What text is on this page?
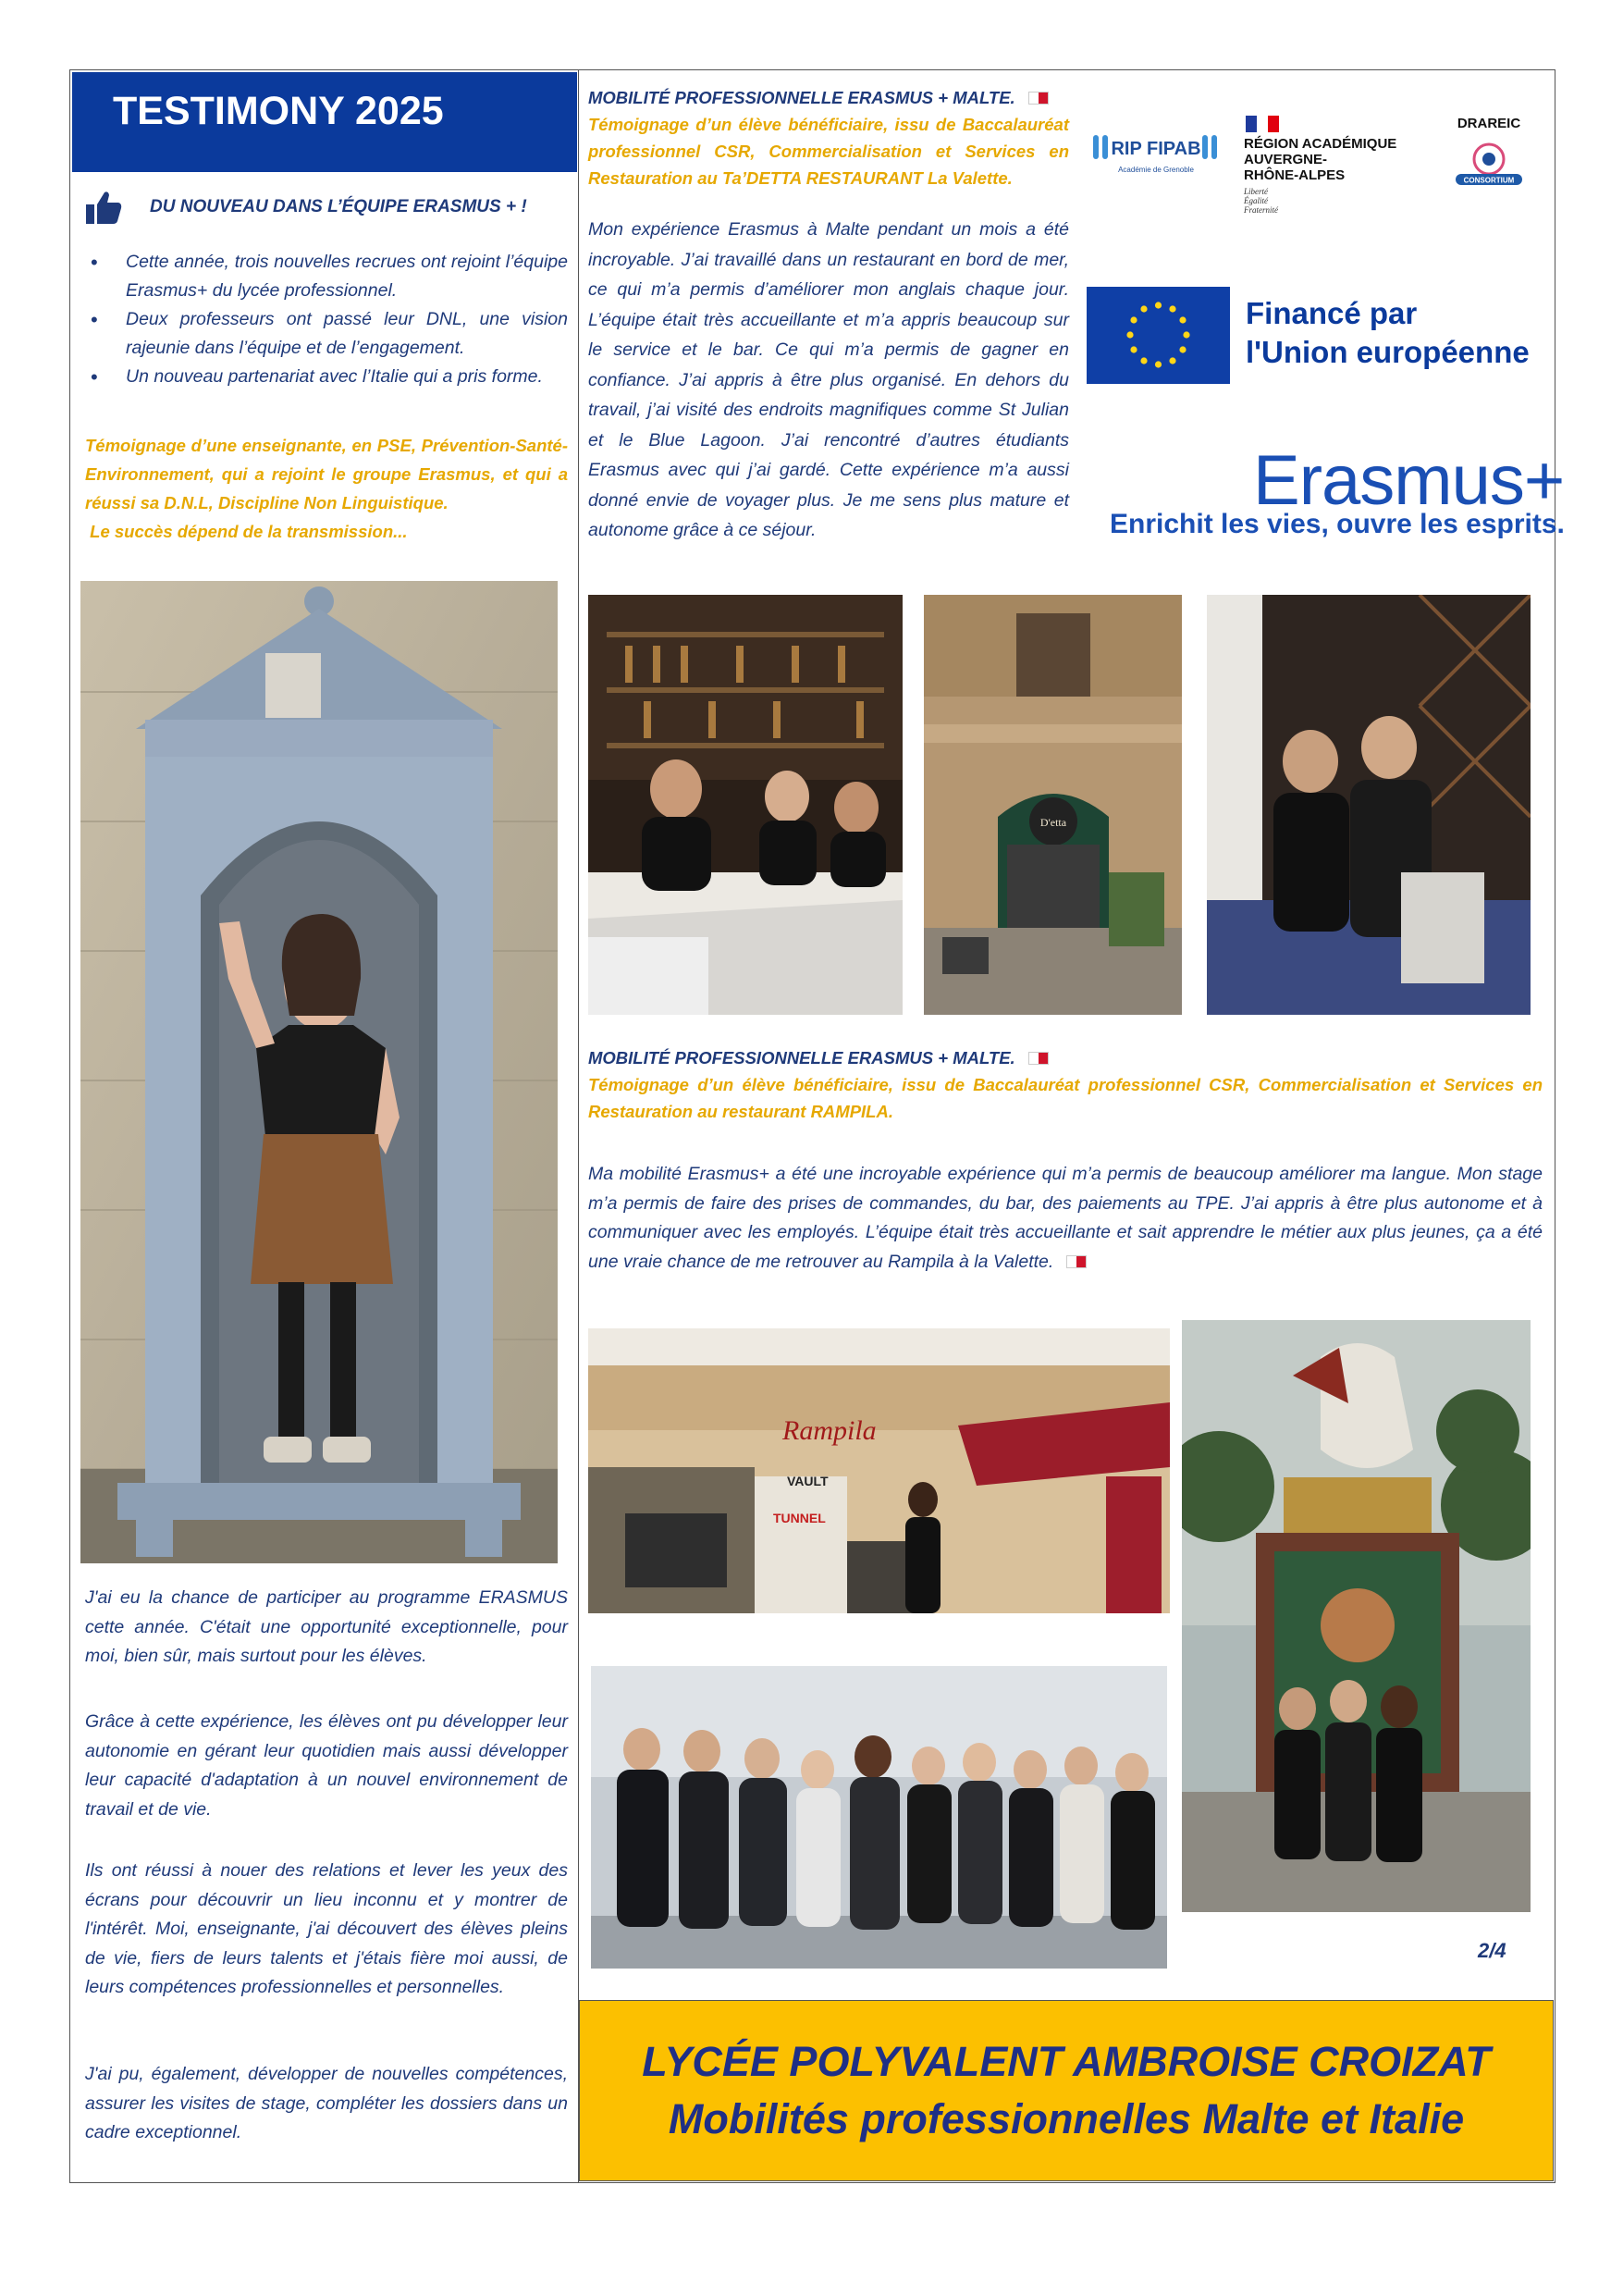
TESTIMONY 2025
DU NOUVEAU DANS L’ÉQUIPE ERASMUS + !
• Cette année, trois nouvelles recrues ont rejoint l’équipe Erasmus+ du lycée professionnel.
• Deux professeurs ont passé leur DNL, une vision rajeunie dans l’équipe et de l’engagement.
• Un nouveau partenariat avec l’Italie qui a pris forme.
Témoignage d’une enseignante, en PSE, Prévention-Santé-Environnement, qui a rejoint le groupe Erasmus, et qui a réussi sa D.N.L, Discipline Non Linguistique.
Le succès dépend de la transmission...
J'ai eu la chance de participer au programme ERASMUS cette année. C'était une opportunité exceptionnelle, pour moi, bien sûr, mais surtout pour les élèves.
Grâce à cette expérience, les élèves ont pu développer leur autonomie en gérant leur quotidien mais aussi développer leur capacité d'adaptation à un nouvel environnement de travail et de vie.
Ils ont réussi à nouer des relations et lever les yeux des écrans pour découvrir un lieu inconnu et y montrer de l'intérêt. Moi, enseignante, j'ai découvert des élèves pleins de vie, fiers de leurs talents et j'étais fière moi aussi, de leurs compétences professionnelles et personnelles.
J'ai pu, également, développer de nouvelles compétences, assurer les visites de stage, compléter les dossiers dans un cadre exceptionnel.
MOBILITÉ PROFESSIONNELLE ERASMUS + MALTE.
Témoignage d’un élève bénéficiaire, issu de Baccalauréat professionnel CSR, Commercialisation et Services en Restauration au Ta’DETTA RESTAURANT La Valette.
Mon expérience Erasmus à Malte pendant un mois a été incroyable. J’ai travaillé dans un restaurant en bord de mer, ce qui m’a permis d’améliorer mon anglais chaque jour. L’équipe était très accueillante et m’a appris beaucoup sur le service et le bar. Ce qui m’a permis de gagner en confiance. J’ai appris à être plus organisé. En dehors du travail, j’ai visité des endroits magnifiques comme St Julian et le Blue Lagoon. J’ai rencontré d’autres étudiants Erasmus avec qui j’ai gardé. Cette expérience m’a aussi donné envie de voyager plus. Je me sens plus mature et autonome grâce à ce séjour.
RIP FIPAB
Académie de Grenoble
RÉGION ACADÉMIQUE
AUVERGNE-
RHÔNE-ALPES
Liberté Égalité Fraternité
DRAREIC
CONSORTIUM
Financé par
l'Union européenne
Erasmus+
Enrichit les vies, ouvre les esprits.
D'etta
MOBILITÉ PROFESSIONNELLE ERASMUS + MALTE.
Témoignage d’un élève bénéficiaire, issu de Baccalauréat professionnel CSR, Commercialisation et Services en Restauration au restaurant RAMPILA.
Ma mobilité Erasmus+ a été une incroyable expérience qui m’a permis de beaucoup améliorer ma langue. Mon stage m’a permis de faire des prises de commandes, du bar, des paiements au TPE. J’ai appris à être plus autonome et à communiquer avec les employés. L’équipe était très accueillante et sait apprendre le métier aux plus jeunes, ça a été une vraie chance de me retrouver au Rampila à la Valette.
Rampila
VAULT
TUNNEL
2/4
LYCÉE POLYVALENT AMBROISE CROIZAT
Mobilités professionnelles Malte et Italie
